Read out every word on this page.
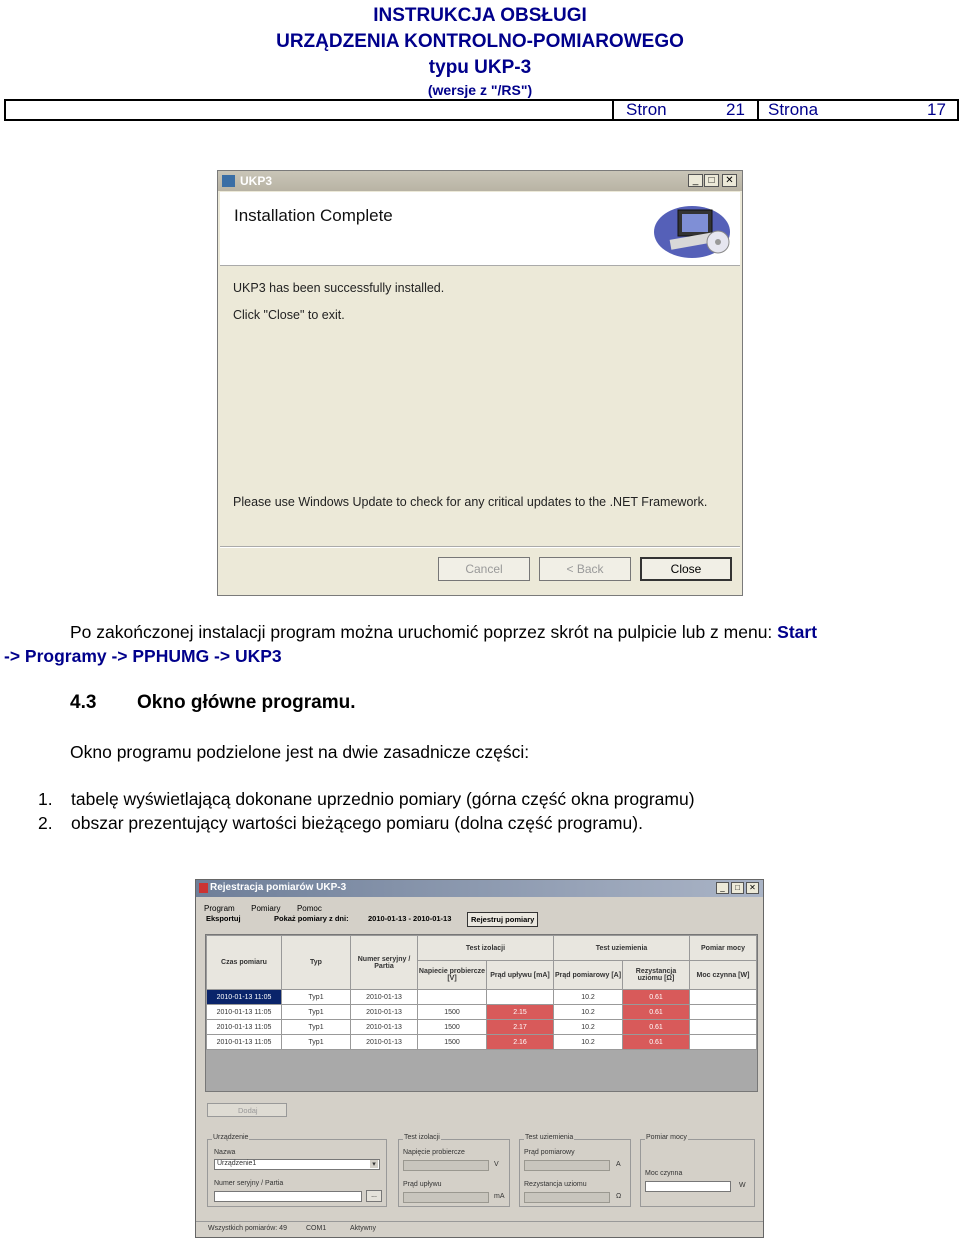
INSTRUKCJA OBSŁUGI
URZĄDZENIA KONTROLNO-POMIAROWEGO
typu UKP-3
(wersje z "/RS")
Stron	21 Strona	17
UKP3	_	□	✕
Installation Complete
UKP3 has been successfully installed.
Click "Close" to exit.
Please use Windows Update to check for any critical updates to the .NET Framework.
Cancel	< Back	Close
Po zakończonej instalacji program można uruchomić poprzez skrót na pulpicie lub z menu: Start
-> Programy -> PPHUMG -> UKP3
4.3 Okno główne programu.
Okno programu podzielone jest na dwie zasadnicze części:
1. tabelę wyświetlającą dokonane uprzednio pomiary (górna część okna programu)
2. obszar prezentujący wartości bieżącego pomiaru (dolna część programu).
Rejestracja pomiarów UKP-3	_	□	✕
Program Pomiary Pomoc
Eksportuj	Pokaż pomiary z dni:	2010-01-13 - 2010-01-13	Rejestruj pomiary
Czas pomiaru	Typ	Numer seryjny / Partia	Test izolacji		Test uziemienia		Pomiar mocy
			Napiecie probiercze [V]	Prąd upływu [mA]	Prąd pomiarowy [A]	Rezystancja uziomu [Ω]	Moc czynna [W]
2010-01-13 11:05	Typ1	2010-01-13			10.2	0.61	
2010-01-13 11:05	Typ1	2010-01-13	1500	2.15	10.2	0.61	
2010-01-13 11:05	Typ1	2010-01-13	1500	2.17	10.2	0.61	
2010-01-13 11:05	Typ1	2010-01-13	1500	2.16	10.2	0.61	
Dodaj
Urządzenie
Nazwa
Urządzenie1	▾
Numer seryjny / Partia
...
Test izolacji
Napięcie probiercze
V
Prąd upływu
mA
Test uziemienia
Prąd pomiarowy
A
Rezystancja uziomu
Ω
Pomiar mocy
Moc czynna
W
Wszystkich pomiarów: 49	COM1	Aktywny
